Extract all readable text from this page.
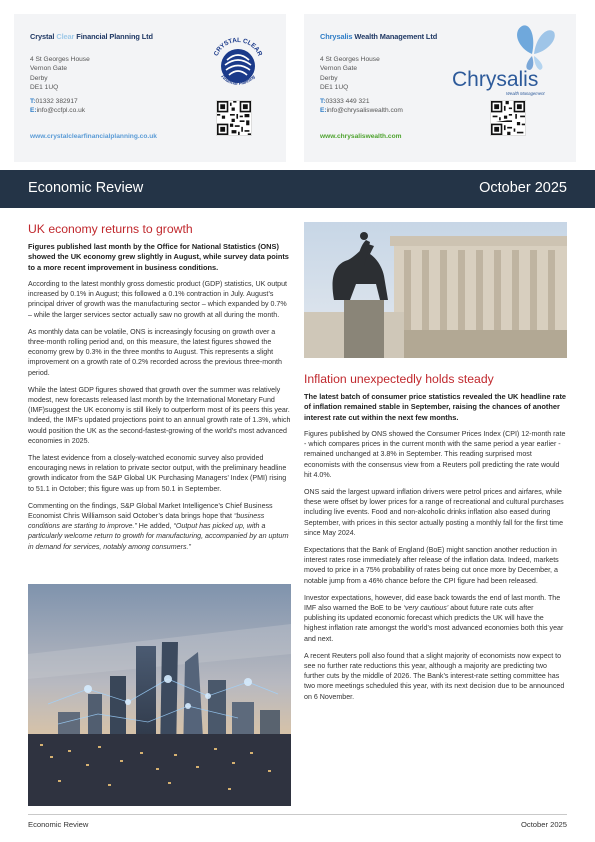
Crystal Clear Financial Planning Ltd
4 St Georges House
Vernon Gate
Derby
DE1 1UQ
T:01332 382917
E:info@ccfpl.co.uk
www.crystalclearfinancialplanning.co.uk
CRYSTAL CLEAR
Financial Planning
Chrysalis Wealth Management Ltd
4 St Georges House
Vernon Gate
Derby
DE1 1UQ
T:03333 449 321
E:info@chrysaliswealth.com
www.chrysaliswealth.com
Chrysalis
Wealth Management
Economic Review	October 2025
UK economy returns to growth
Figures published last month by the Office for National Statistics (ONS) showed the UK economy grew slightly in August, while survey data points to a more recent improvement in business conditions.

According to the latest monthly gross domestic product (GDP) statistics, UK output increased by 0.1% in August; this followed a 0.1% contraction in July. August’s principal driver of growth was the manufacturing sector – which expanded by 0.7% – while the larger services sector actually saw no growth at all during the month.

As monthly data can be volatile, ONS is increasingly focusing on growth over a three-month rolling period and, on this measure, the latest figures showed the economy grew by 0.3% in the three months to August. This represents a slight improvement on a growth rate of 0.2% recorded across the previous three-month period.

While the latest GDP figures showed that growth over the summer was relatively modest, new forecasts released last month by the International Monetary Fund (IMF)suggest the UK economy is still likely to outperform most of its peers this year. Indeed, the IMF’s updated projections point to an annual growth rate of 1.3%, which would position the UK as the second-fastest-growing of the world’s most advanced economies in 2025.

The latest evidence from a closely-watched economic survey also provided encouraging news in relation to private sector output, with the preliminary headline growth indicator from the S&P Global UK Purchasing Managers’ Index (PMI) rising to 51.1 in October; this figure was up from 50.1 in September.

Commenting on the findings, S&P Global Market Intelligence’s Chief Business Economist Chris Williamson said October’s data brings hope that “business conditions are starting to improve.” He added, “Output has picked up, with a particularly welcome return to growth for manufacturing, accompanied by an upturn in demand for services, notably among consumers.”

Inflation unexpectedly holds steady
The latest batch of consumer price statistics revealed the UK headline rate of inflation remained stable in September, raising the chances of another interest rate cut within the next few months.

Figures published by ONS showed the Consumer Prices Index (CPI) 12-month rate - which compares prices in the current month with the same period a year earlier - remained unchanged at 3.8% in September. This reading surprised most economists with the consensus view from a Reuters poll predicting the rate would hit 4.0%.

ONS said the largest upward inflation drivers were petrol prices and airfares, while these were offset by lower prices for a range of recreational and cultural purchases including live events. Food and non-alcoholic drinks inflation also eased during September, with prices in this sector actually posting a monthly fall for the first time since May 2024.

Expectations that the Bank of England (BoE) might sanction another reduction in interest rates rose immediately after release of the inflation data. Indeed, markets moved to price in a 75% probability of rates being cut once more by December, a notable jump from a 46% chance before the CPI figure had been released.

Investor expectations, however, did ease back towards the end of last month. The IMF also warned the BoE to be ‘very cautious’ about future rate cuts after publishing its updated economic forecast which predicts the UK will have the highest inflation rate amongst the world’s most advanced economies both this year and next.

A recent Reuters poll also found that a slight majority of economists now expect to see no further rate reductions this year, although a majority are predicting two further cuts by the middle of 2026. The Bank’s interest-rate setting committee has two more meetings scheduled this year, with its next decision due to be announced on 6 November.

Economic Review	October 2025
